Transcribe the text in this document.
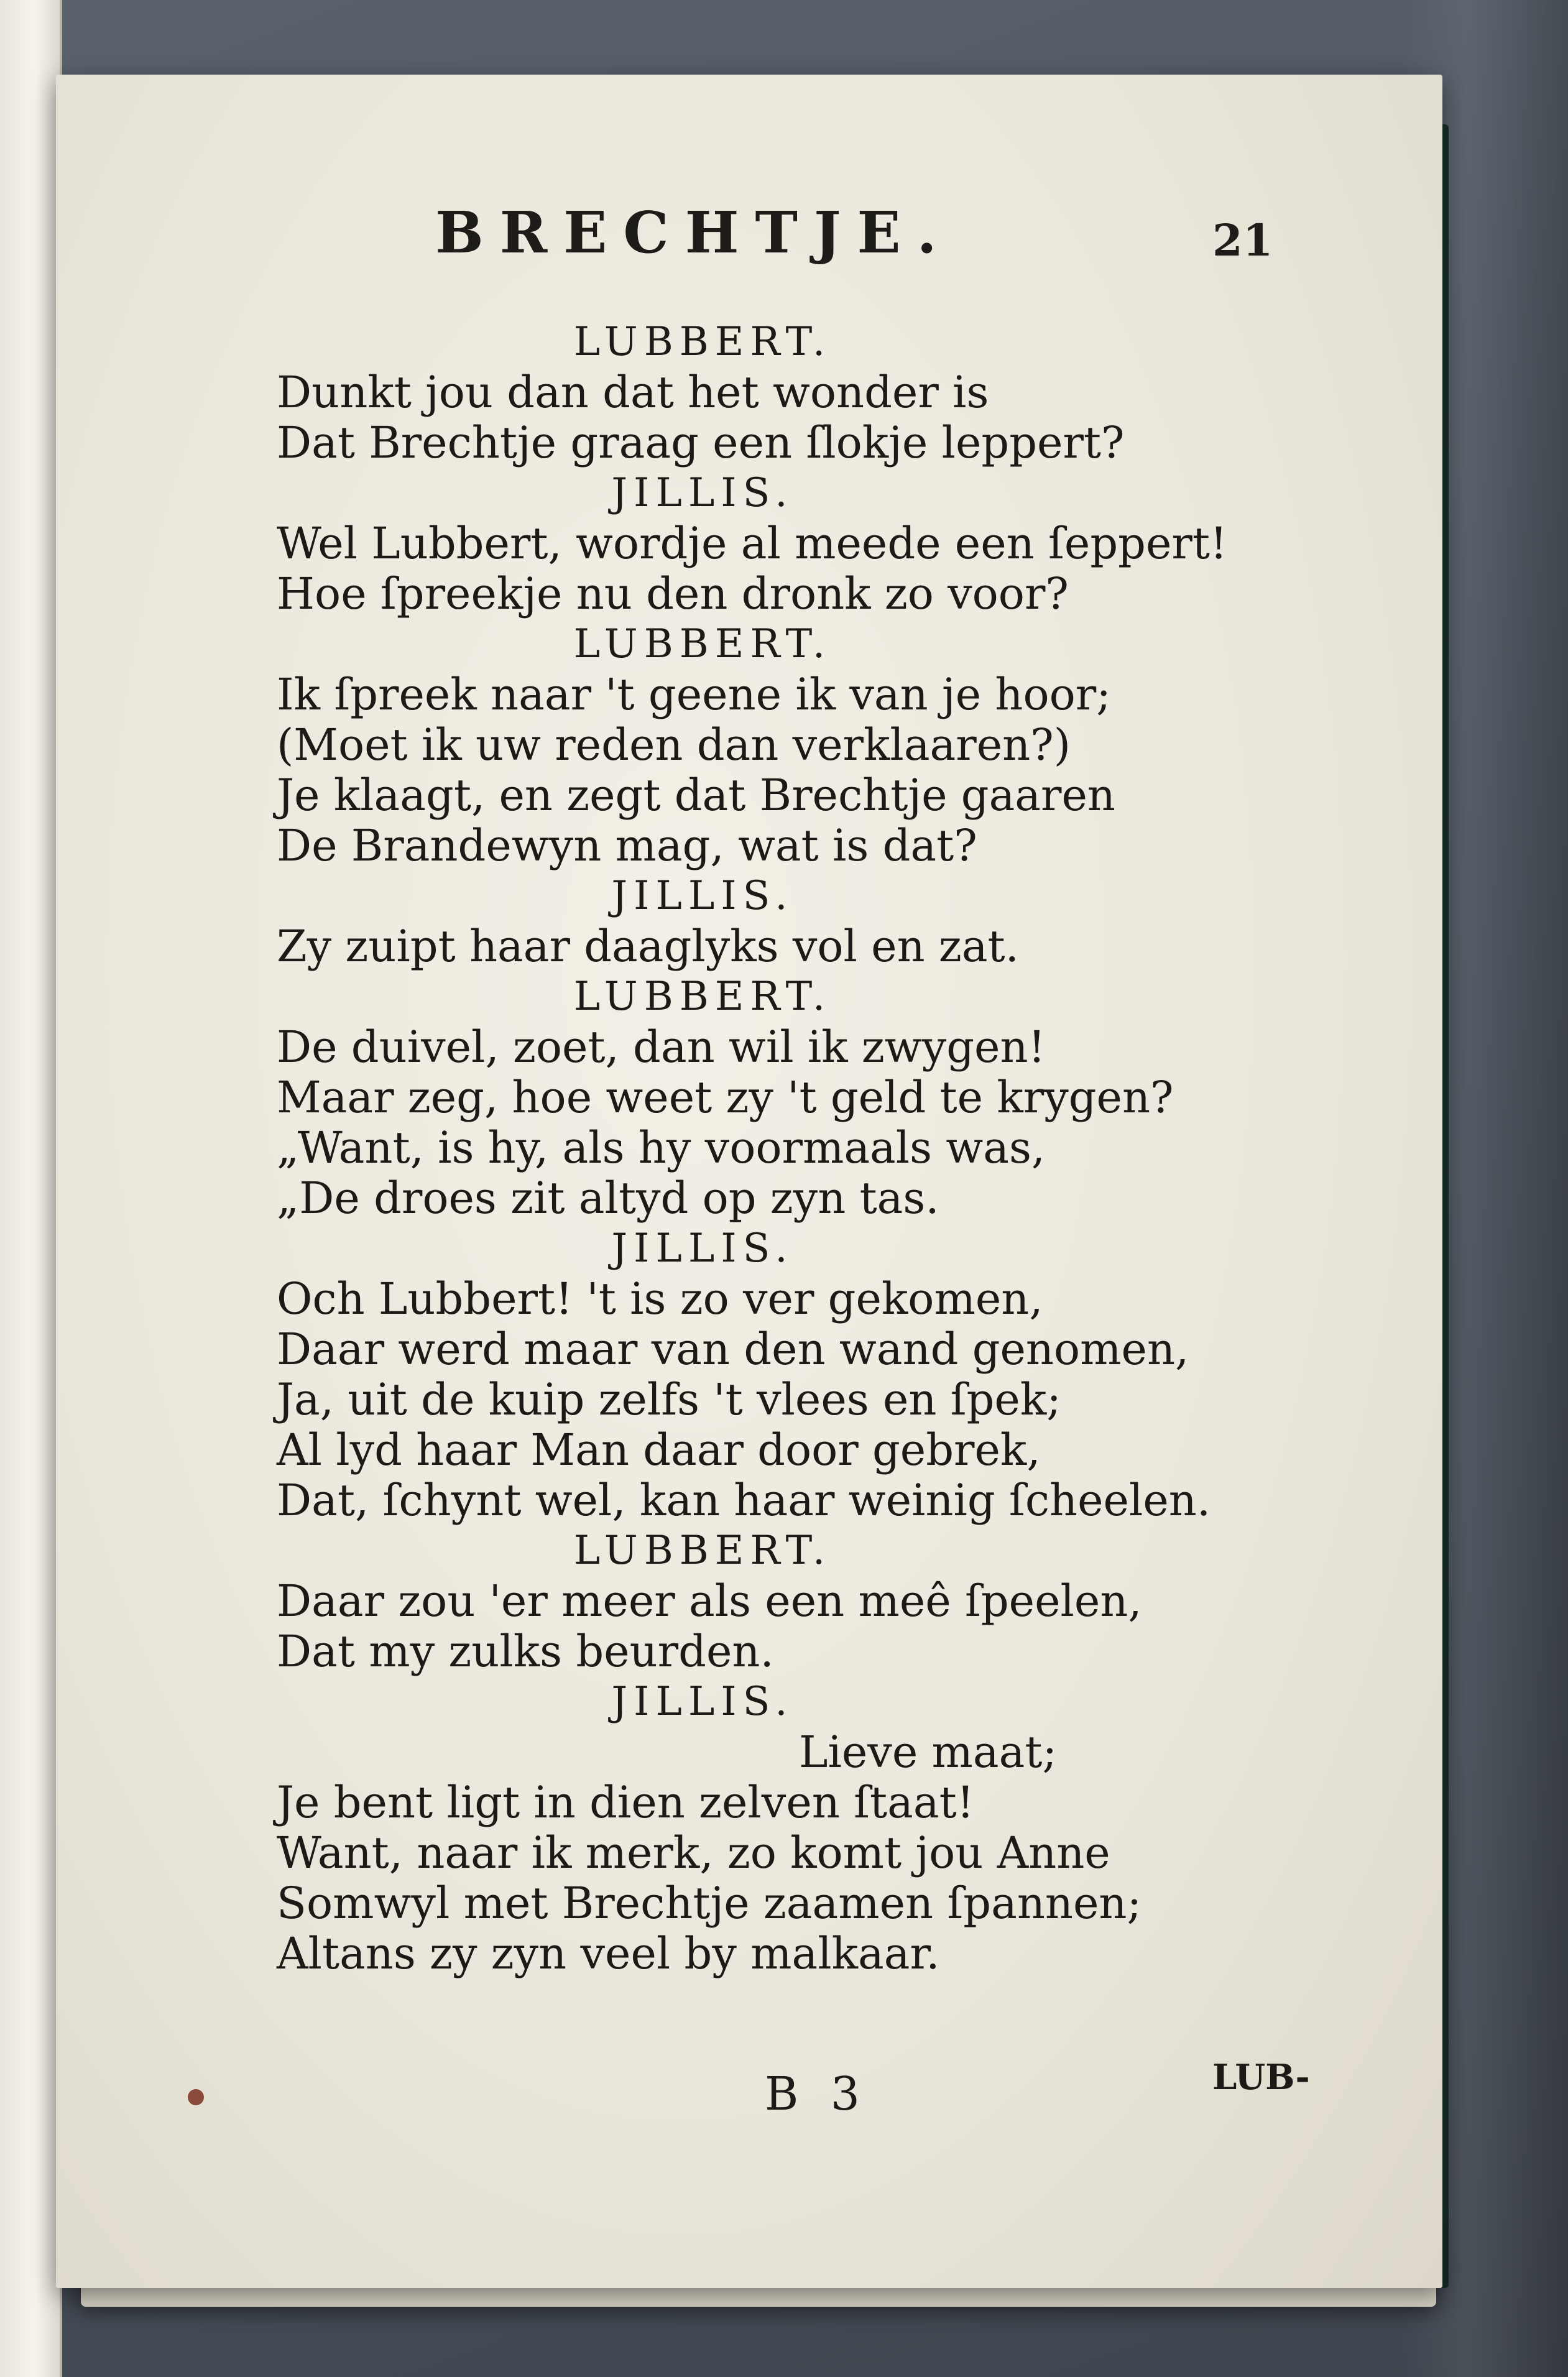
BRECHTJE.	21
LUBBERT.
Dunkt jou dan dat het wonder is
Dat Brechtje graag een ſlokje leppert?
JILLIS.
Wel Lubbert, wordje al meede een ſeppert!
Hoe ſpreekje nu den dronk zo voor?
LUBBERT.
Ik ſpreek naar 't geene ik van je hoor;
(Moet ik uw reden dan verklaaren?)
Je klaagt, en zegt dat Brechtje gaaren
De Brandewyn mag, wat is dat?
JILLIS.
Zy zuipt haar daaglyks vol en zat.
LUBBERT.
De duivel, zoet, dan wil ik zwygen!
Maar zeg, hoe weet zy 't geld te krygen?
„Want, is hy, als hy voormaals was,
„De droes zit altyd op zyn tas.
JILLIS.
Och Lubbert! 't is zo ver gekomen,
Daar werd maar van den wand genomen,
Ja, uit de kuip zelfs 't vlees en ſpek;
Al lyd haar Man daar door gebrek,
Dat, ſchynt wel, kan haar weinig ſcheelen.
LUBBERT.
Daar zou 'er meer als een meê ſpeelen,
Dat my zulks beurden.
JILLIS.
Lieve maat;
Je bent ligt in dien zelven ſtaat!
Want, naar ik merk, zo komt jou Anne
Somwyl met Brechtje zaamen ſpannen;
Altans zy zyn veel by malkaar.
B 3	LUB-
